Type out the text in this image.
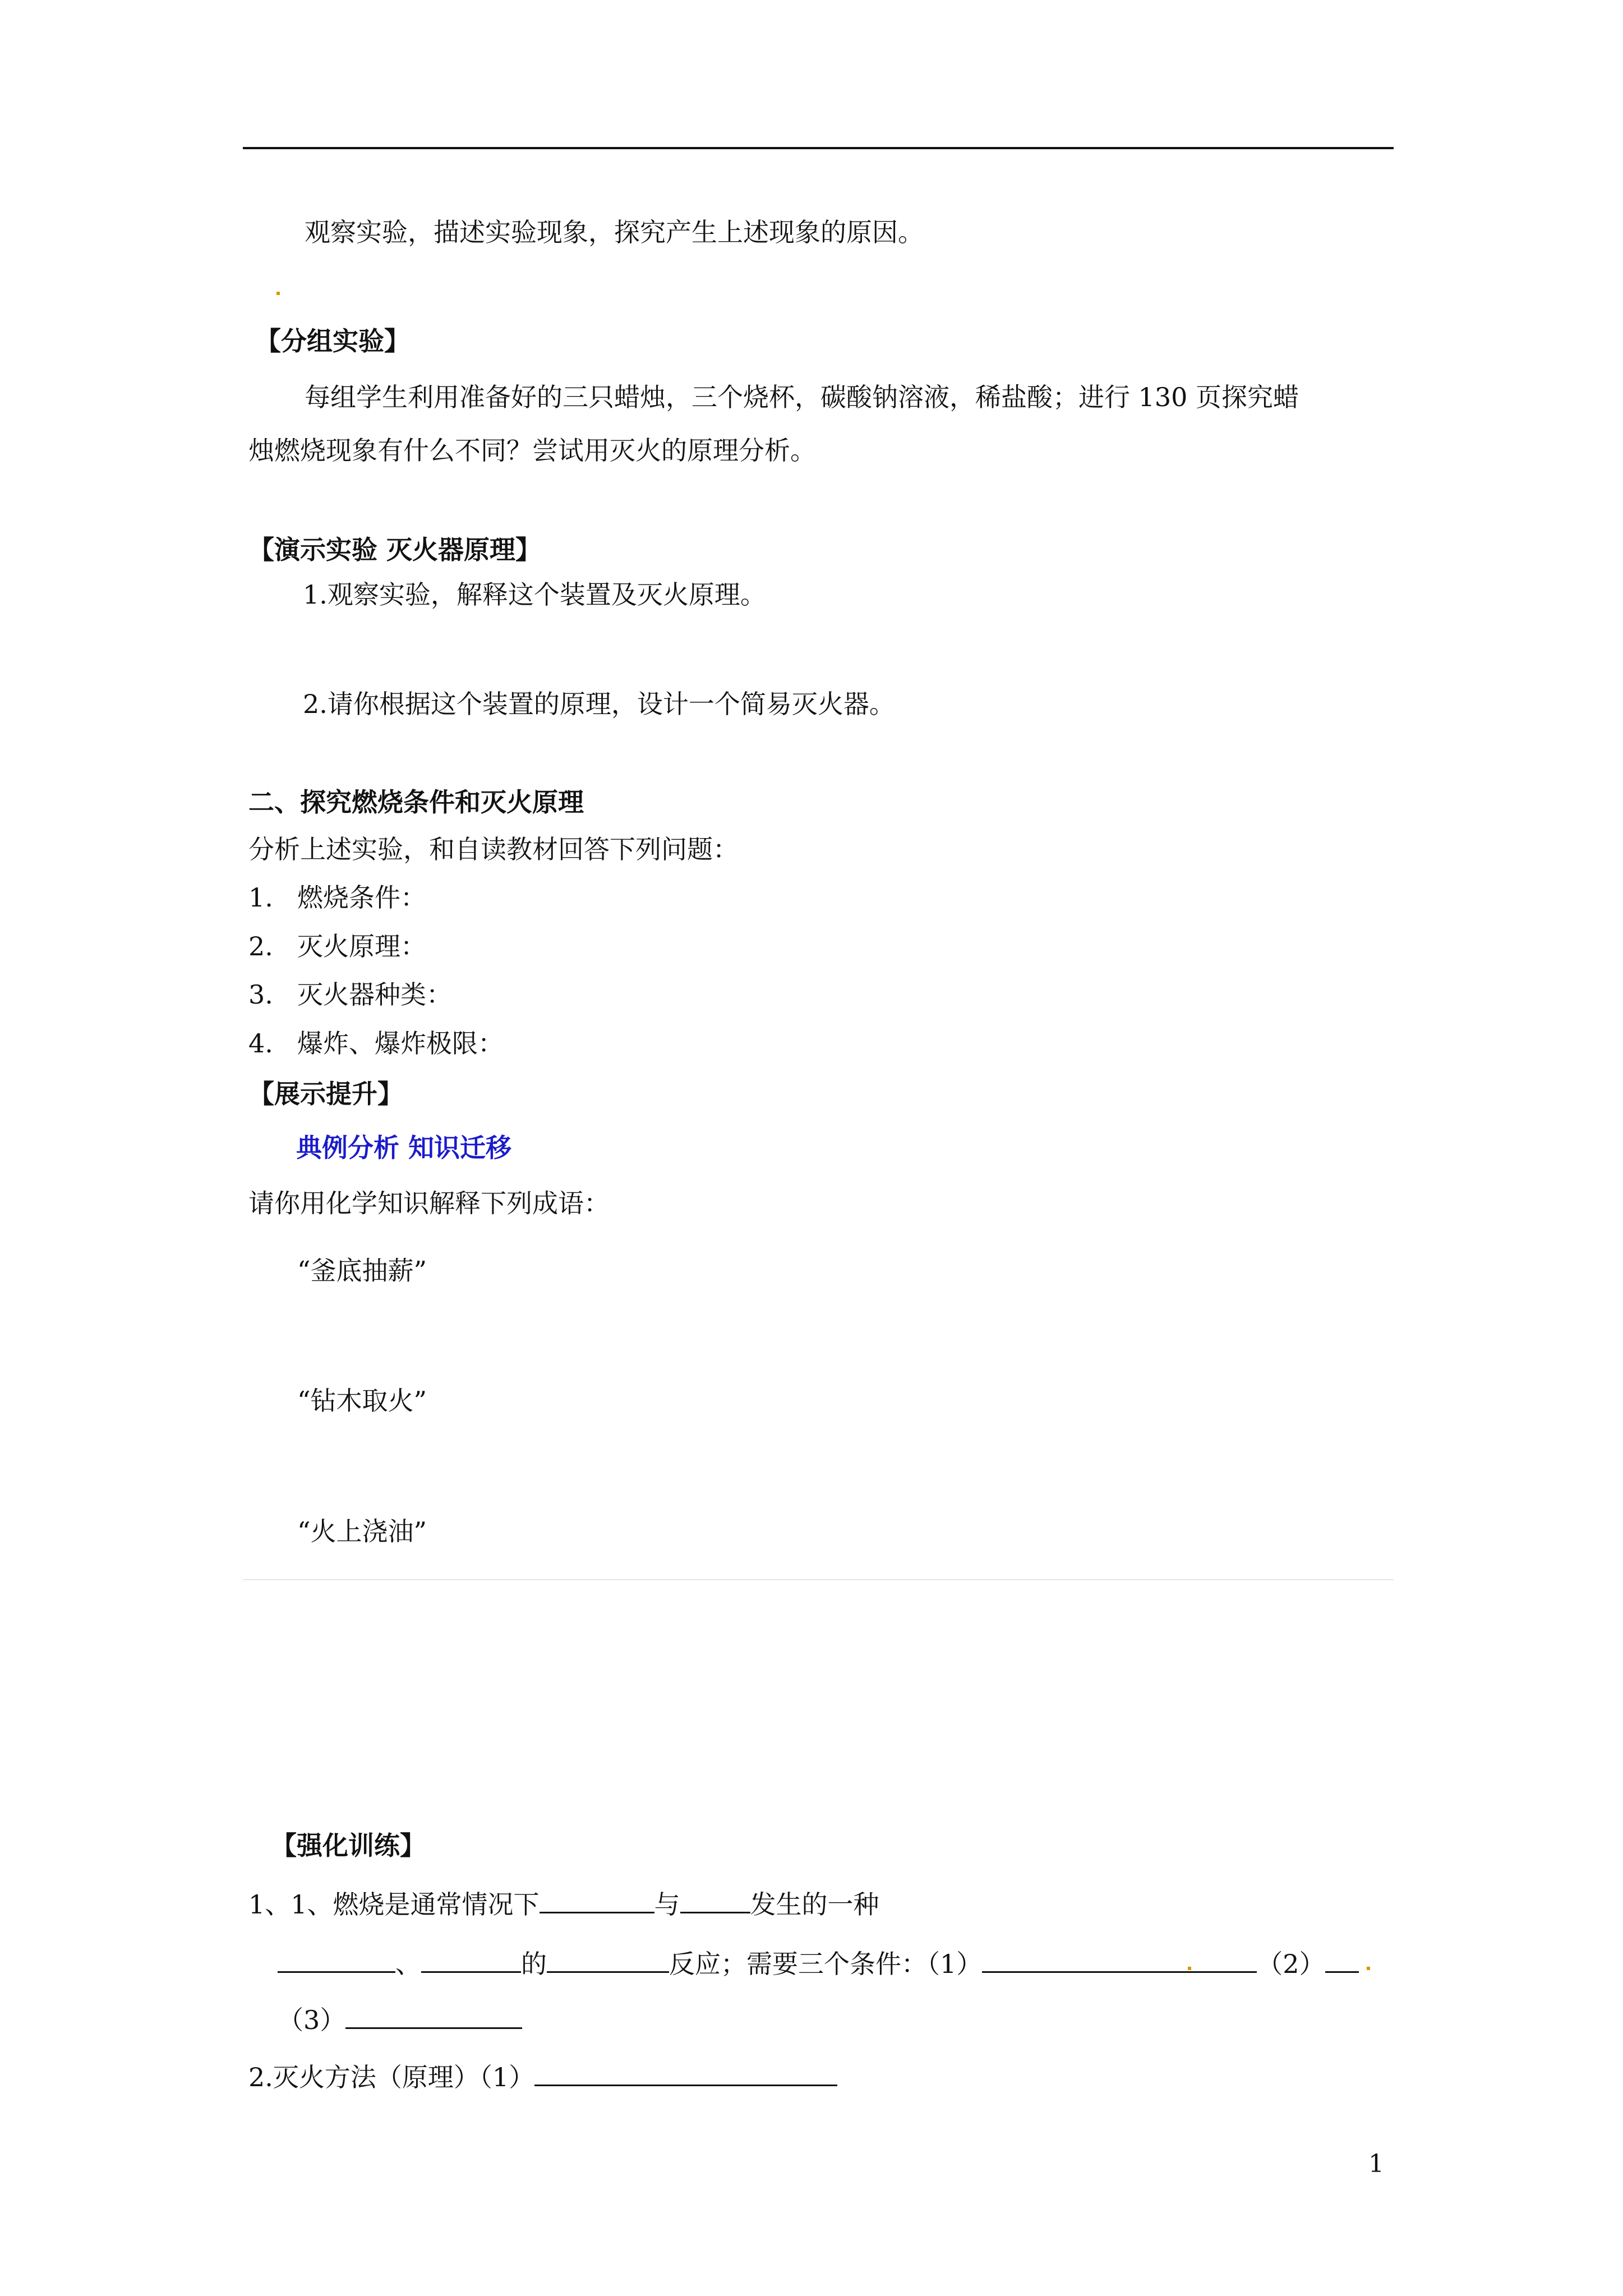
观察实验，描述实验现象，探究产生上述现象的原因。
【分组实验】
每组学生利用准备好的三只蜡烛，三个烧杯，碳酸钠溶液，稀盐酸；进行 130 页探究蜡
烛燃烧现象有什么不同？尝试用灭火的原理分析。
【演示实验 灭火器原理】
1.观察实验，解释这个装置及灭火原理。
2.请你根据这个装置的原理，设计一个简易灭火器。
二、探究燃烧条件和灭火原理
分析上述实验，和自读教材回答下列问题：
1. 燃烧条件：
2. 灭火原理：
3. 灭火器种类：
4. 爆炸、爆炸极限：
【展示提升】
典例分析 知识迁移
请你用化学知识解释下列成语：
“釜底抽薪”
“钻木取火”
“火上浇油”
【强化训练】
1、1、燃烧是通常情况下	与	发生的一种
、	的	反应；需要三个条件：（1）	（2）
（3）
2.灭火方法（原理）（1）
1
